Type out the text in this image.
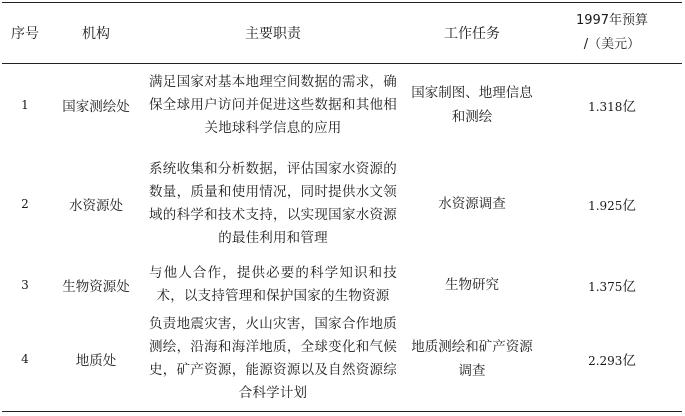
序号	机构	主要职责	工作任务	1997年预算
/（美元）

1	国家测绘处	满足国家对基本地理空间数据的需求，确保全球用户访问并促进这些数据和其他相关地球科学信息的应用	国家制图、地理信息和测绘	1.318亿
2	水资源处	系统收集和分析数据，评估国家水资源的数量，质量和使用情况，同时提供水文领域的科学和技术支持，以实现国家水资源的最佳利用和管理	水资源调查	1.925亿
3	生物资源处	与他人合作，提供必要的科学知识和技术，以支持管理和保护国家的生物资源	生物研究	1.375亿
4	地质处	负责地震灾害，火山灾害，国家合作地质测绘，沿海和海洋地质，全球变化和气候史，矿产资源，能源资源以及自然资源综合科学计划	地质测绘和矿产资源调查	2.293亿
